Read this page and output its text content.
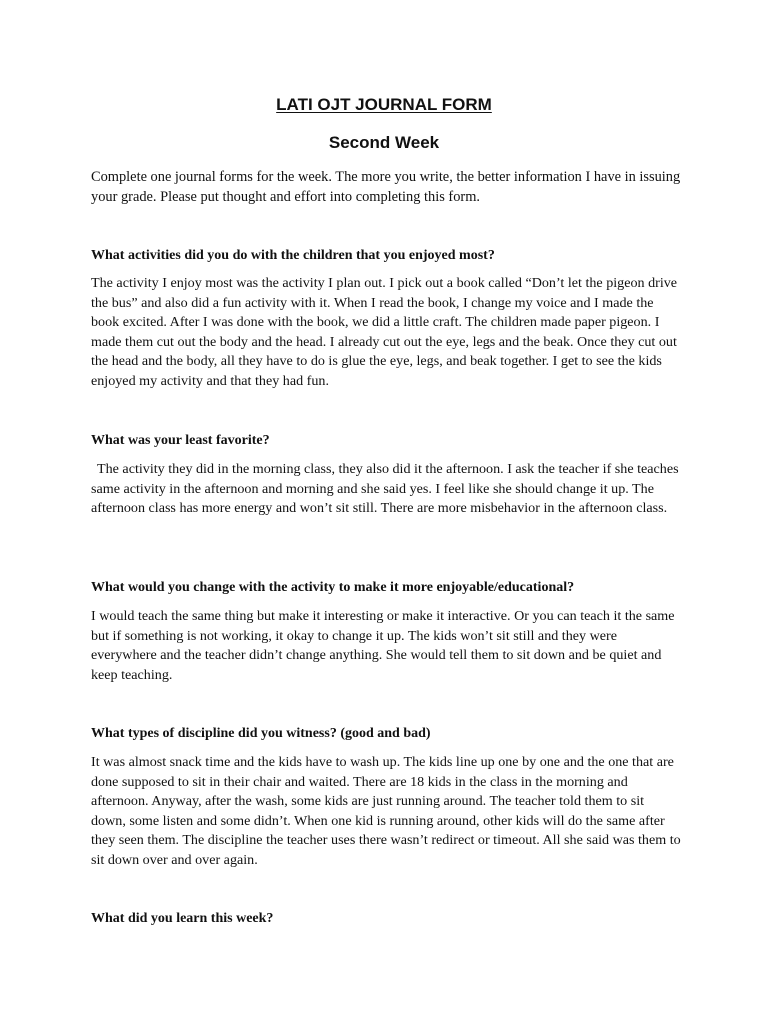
LATI OJT JOURNAL FORM
Second Week

Complete one journal forms for the week. The more you write, the better information I have in issuing your grade. Please put thought and effort into completing this form.

What activities did you do with the children that you enjoyed most?

The activity I enjoy most was the activity I plan out. I pick out a book called “Don’t let the pigeon drive the bus” and also did a fun activity with it. When I read the book, I change my voice and I made the book excited. After I was done with the book, we did a little craft. The children made paper pigeon. I made them cut out the body and the head. I already cut out the eye, legs and the beak. Once they cut out the head and the body, all they have to do is glue the eye, legs, and beak together. I get to see the kids enjoyed my activity and that they had fun.

What was your least favorite?

The activity they did in the morning class, they also did it the afternoon. I ask the teacher if she teaches same activity in the afternoon and morning and she said yes. I feel like she should change it up. The afternoon class has more energy and won’t sit still. There are more misbehavior in the afternoon class.

What would you change with the activity to make it more enjoyable/educational?

I would teach the same thing but make it interesting or make it interactive. Or you can teach it the same but if something is not working, it okay to change it up. The kids won’t sit still and they were everywhere and the teacher didn’t change anything. She would tell them to sit down and be quiet and keep teaching.

What types of discipline did you witness? (good and bad)

It was almost snack time and the kids have to wash up. The kids line up one by one and the one that are done supposed to sit in their chair and waited. There are 18 kids in the class in the morning and afternoon. Anyway, after the wash, some kids are just running around. The teacher told them to sit down, some listen and some didn’t. When one kid is running around, other kids will do the same after they seen them. The discipline the teacher uses there wasn’t redirect or timeout. All she said was them to sit down over and over again.

What did you learn this week?
